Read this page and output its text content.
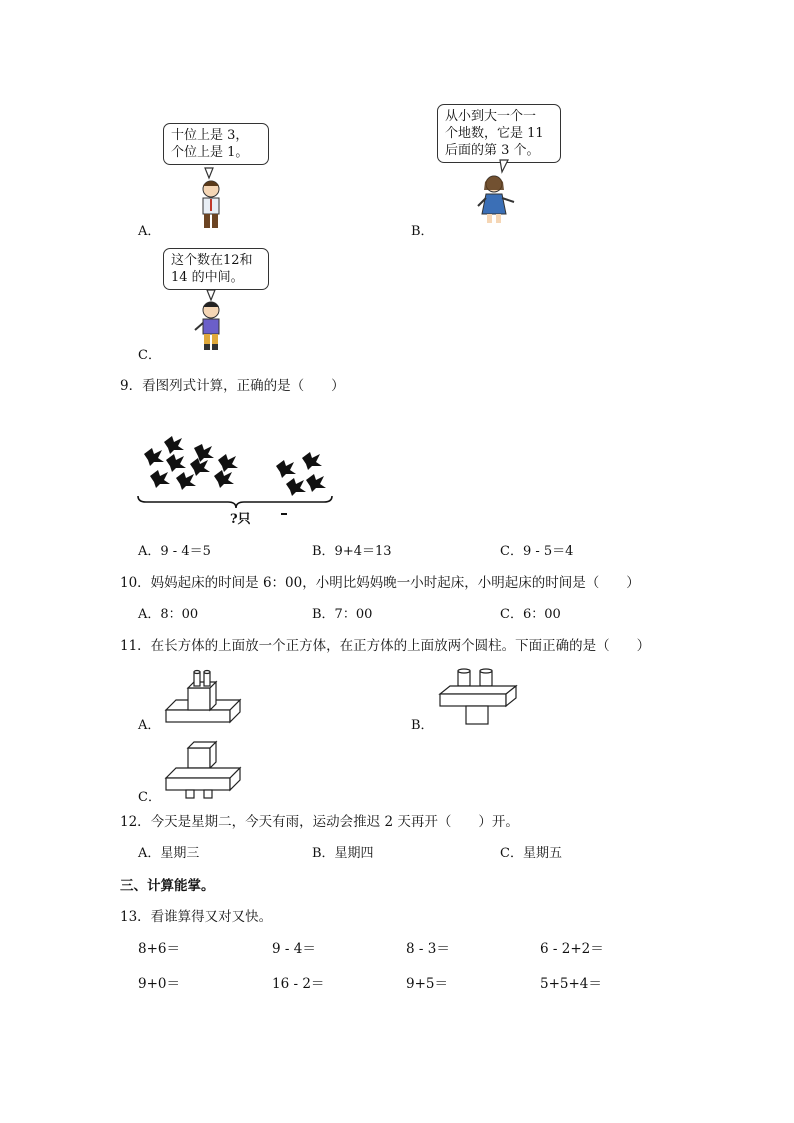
十位上是 3，
个位上是 1。
A．
从小到大一个一
个地数，它是 11
后面的第 3 个。
B．
这个数在12和
14 的中间。
C．
9．看图列式计算，正确的是（　　）
?只
A．9 - 4＝5	B．9+4＝13	C．9 - 5＝4
10．妈妈起床的时间是 6：00，小明比妈妈晚一小时起床，小明起床的时间是（　　）
A．8：00	B．7：00	C．6：00
11．在长方体的上面放一个正方体，在正方体的上面放两个圆柱。下面正确的是（　　）
A．	B．
C．
12．今天是星期二，今天有雨，运动会推迟 2 天再开（　　）开。
A．星期三	B．星期四	C．星期五
三、计算能掌。
13．看谁算得又对又快。
8+6＝	9 - 4＝	8 - 3＝	6 - 2+2＝
9+0＝	16 - 2＝	9+5＝	5+5+4＝
